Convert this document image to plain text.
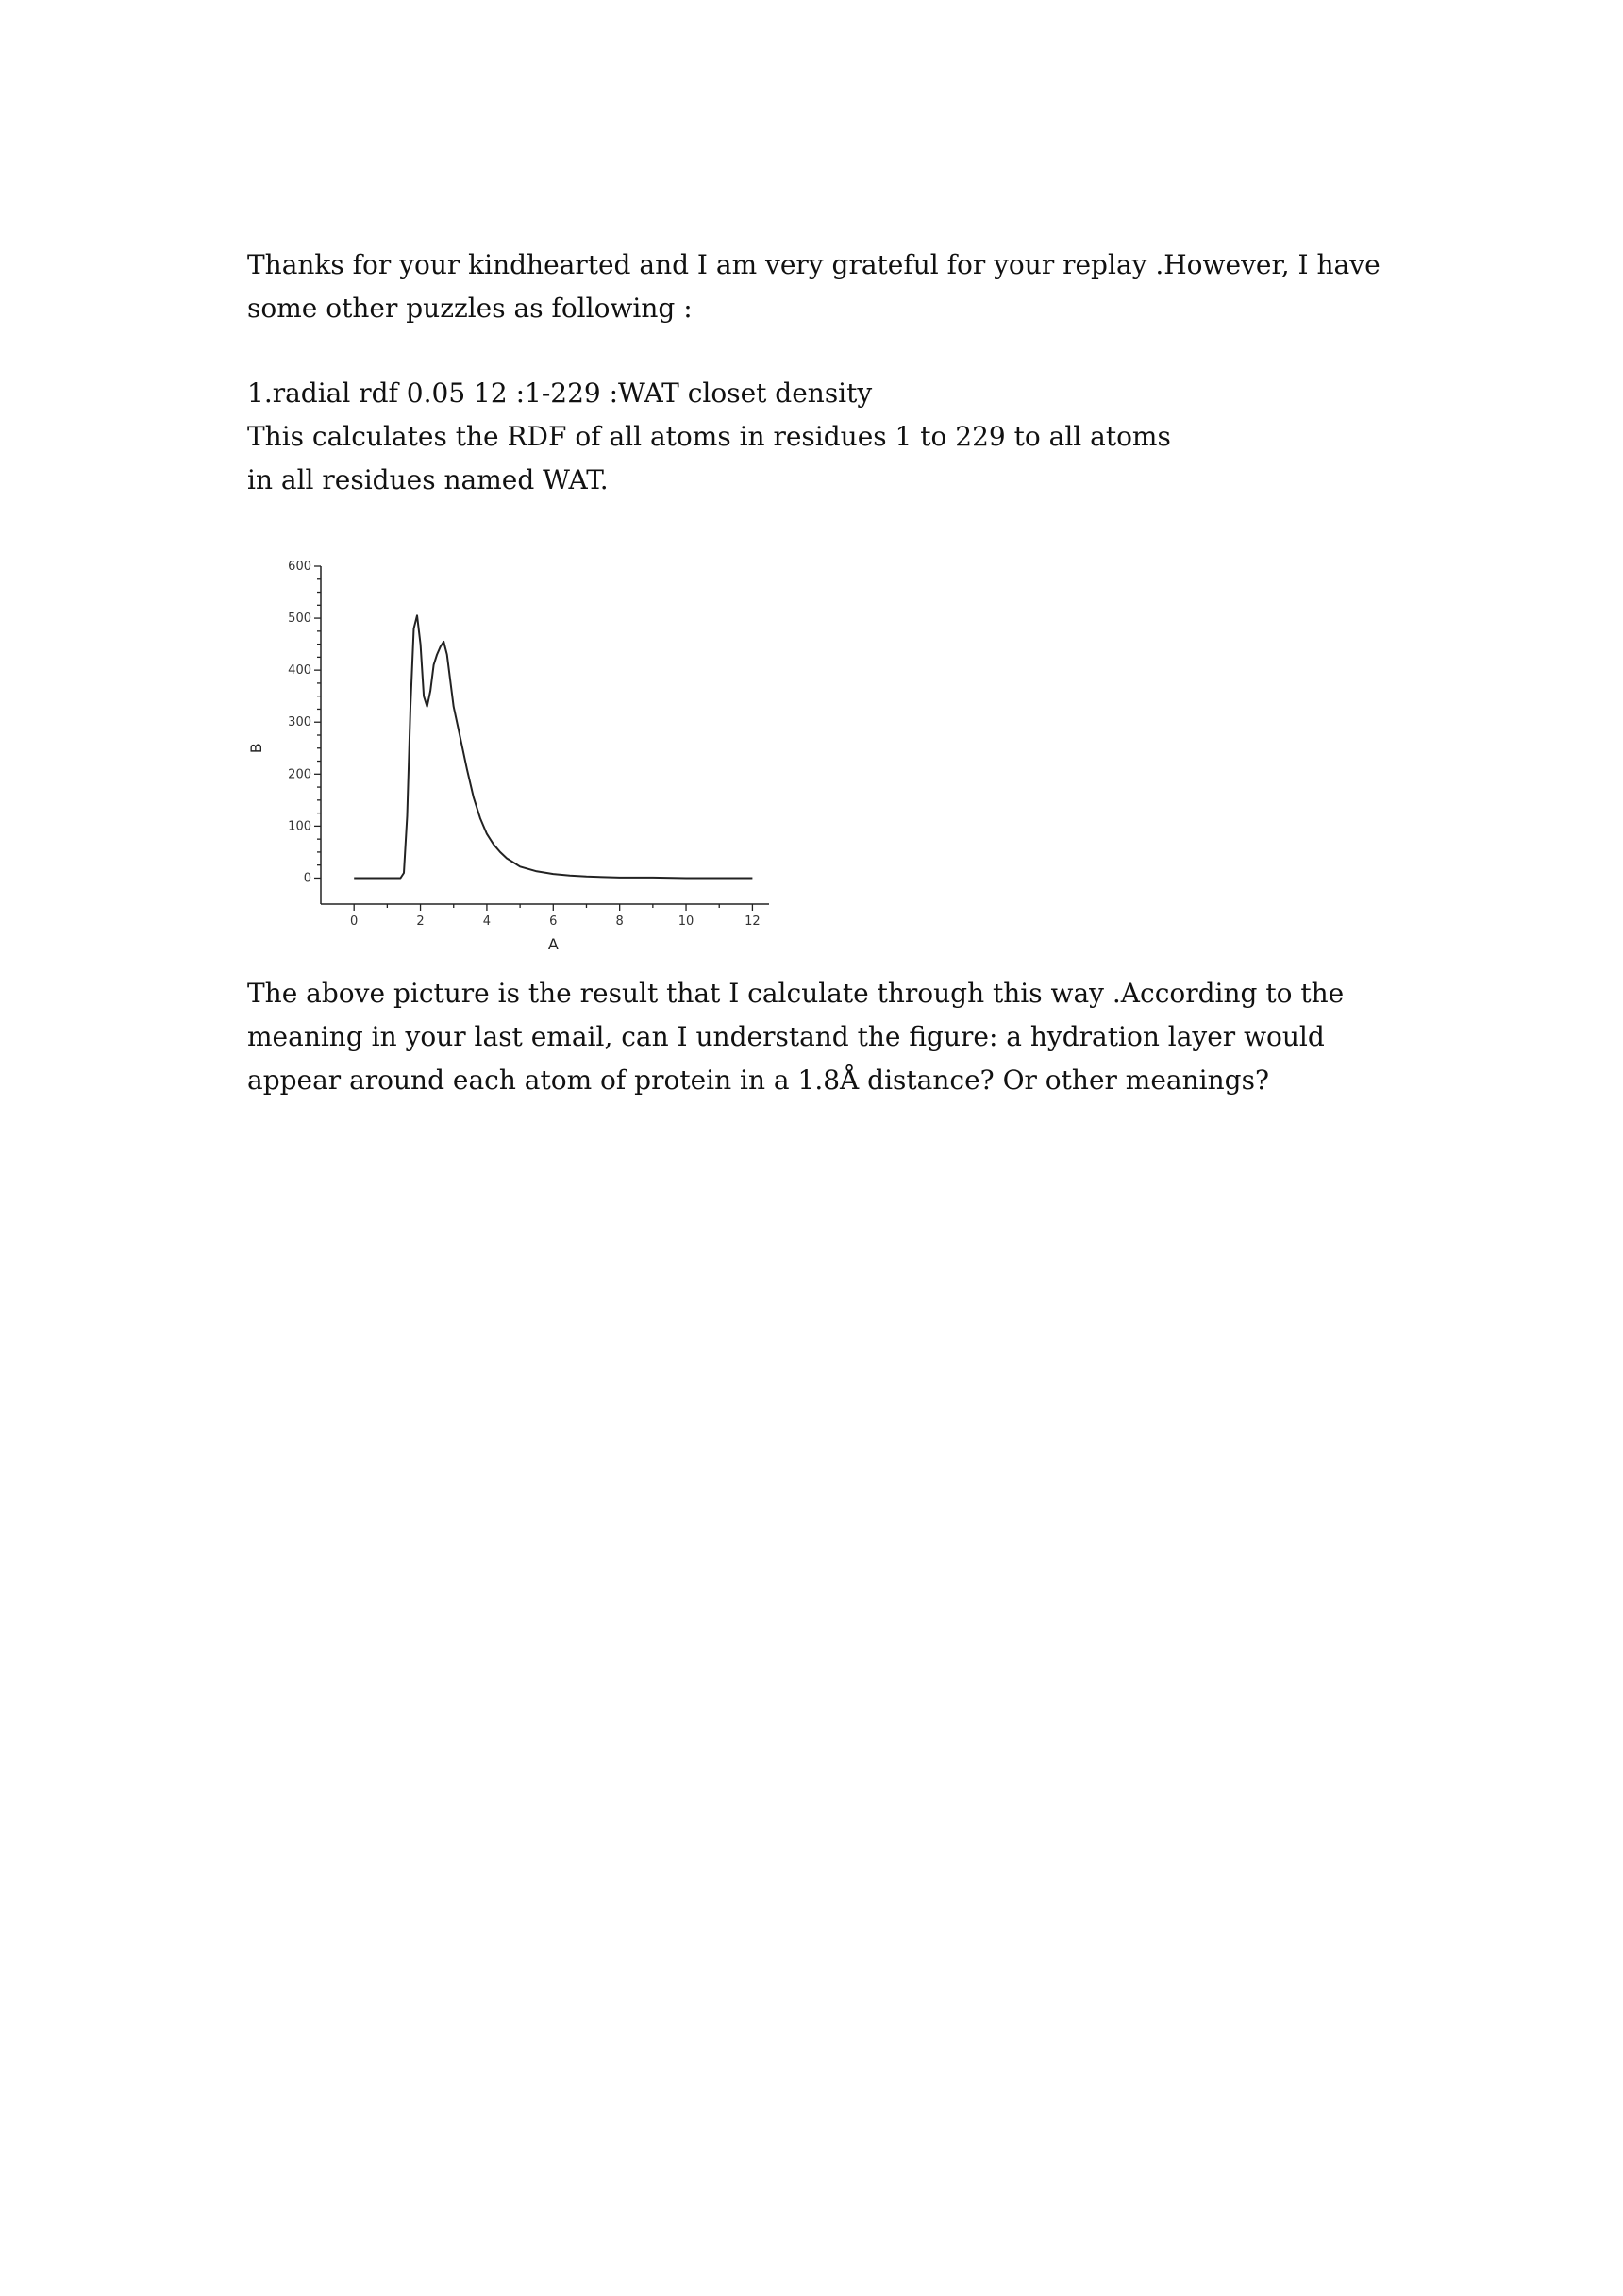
Thanks for your kindhearted and I am very grateful for your replay .However, I have
some other puzzles as following :
1.radial rdf 0.05 12 :1-229 :WAT closet density
This calculates the RDF of all atoms in residues 1 to 229 to all atoms
in all residues named WAT.
0
100
200
300
400
500
600
0	2	4	6	8	10	12
A
B
The above picture is the result that I calculate through this way .According to the
meaning in your last email, can I understand the figure: a hydration layer would
appear around each atom of protein in a 1.8Å distance? Or other meanings?
